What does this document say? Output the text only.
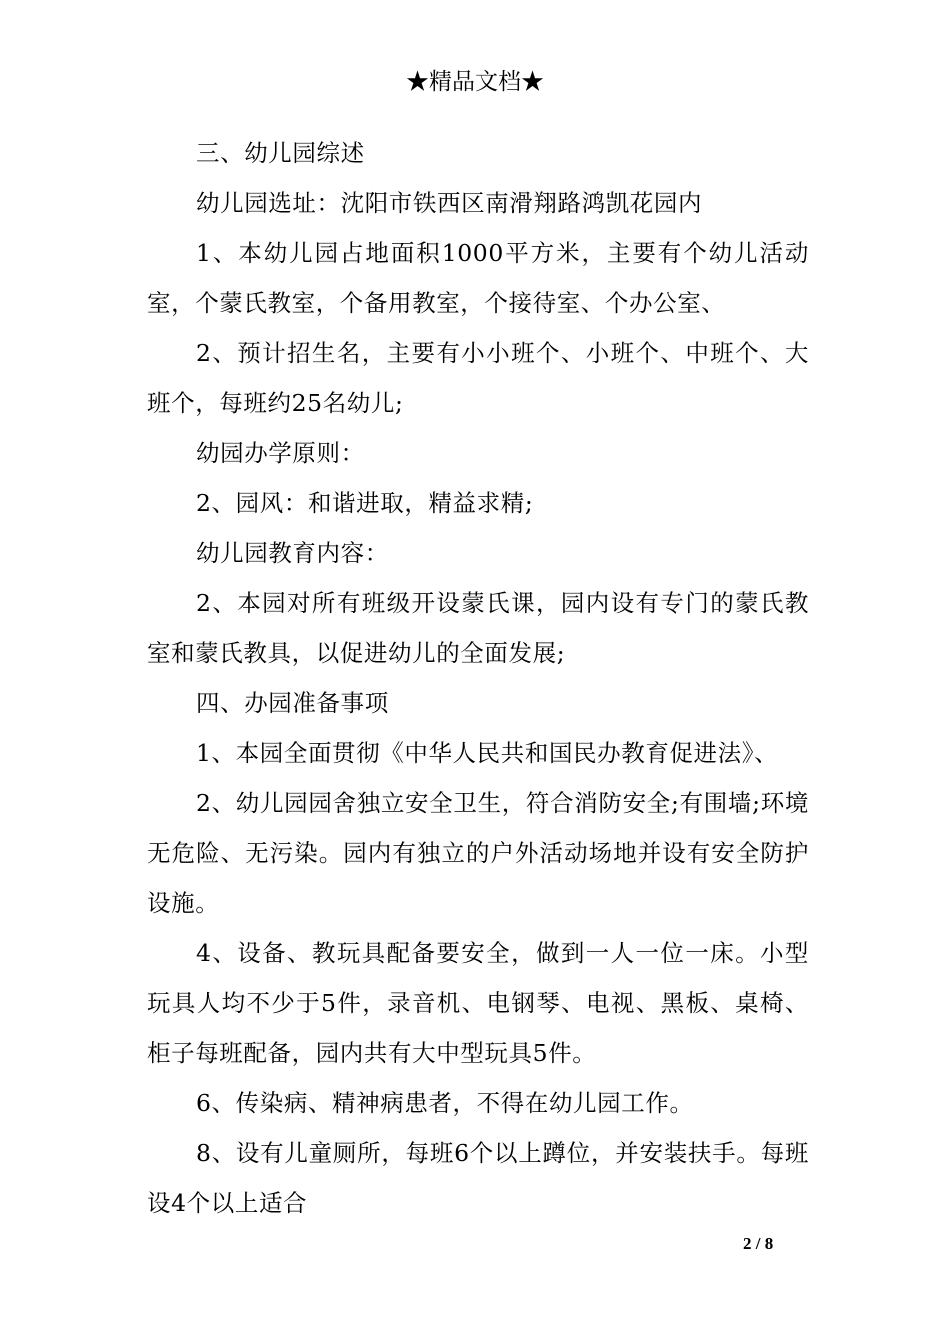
★精品文档★

三、幼儿园综述

幼儿园选址：沈阳市铁西区南滑翔路鸿凯花园内

1、本幼儿园占地面积1000平方米，主要有个幼儿活动室，个蒙氏教室，个备用教室，个接待室、个办公室、

2、预计招生名，主要有小小班个、小班个、中班个、大班个，每班约25名幼儿;

幼园办学原则：

2、园风：和谐进取，精益求精;

幼儿园教育内容：

2、本园对所有班级开设蒙氏课，园内设有专门的蒙氏教室和蒙氏教具，以促进幼儿的全面发展;

四、办园准备事项

1、本园全面贯彻《中华人民共和国民办教育促进法》、

2、幼儿园园舍独立安全卫生，符合消防安全;有围墙;环境无危险、无污染。园内有独立的户外活动场地并设有安全防护设施。

4、设备、教玩具配备要安全，做到一人一位一床。小型玩具人均不少于5件，录音机、电钢琴、电视、黑板、桌椅、柜子每班配备，园内共有大中型玩具5件。

6、传染病、精神病患者，不得在幼儿园工作。

8、设有儿童厕所，每班6个以上蹲位，并安装扶手。每班设4个以上适合

2 / 8
